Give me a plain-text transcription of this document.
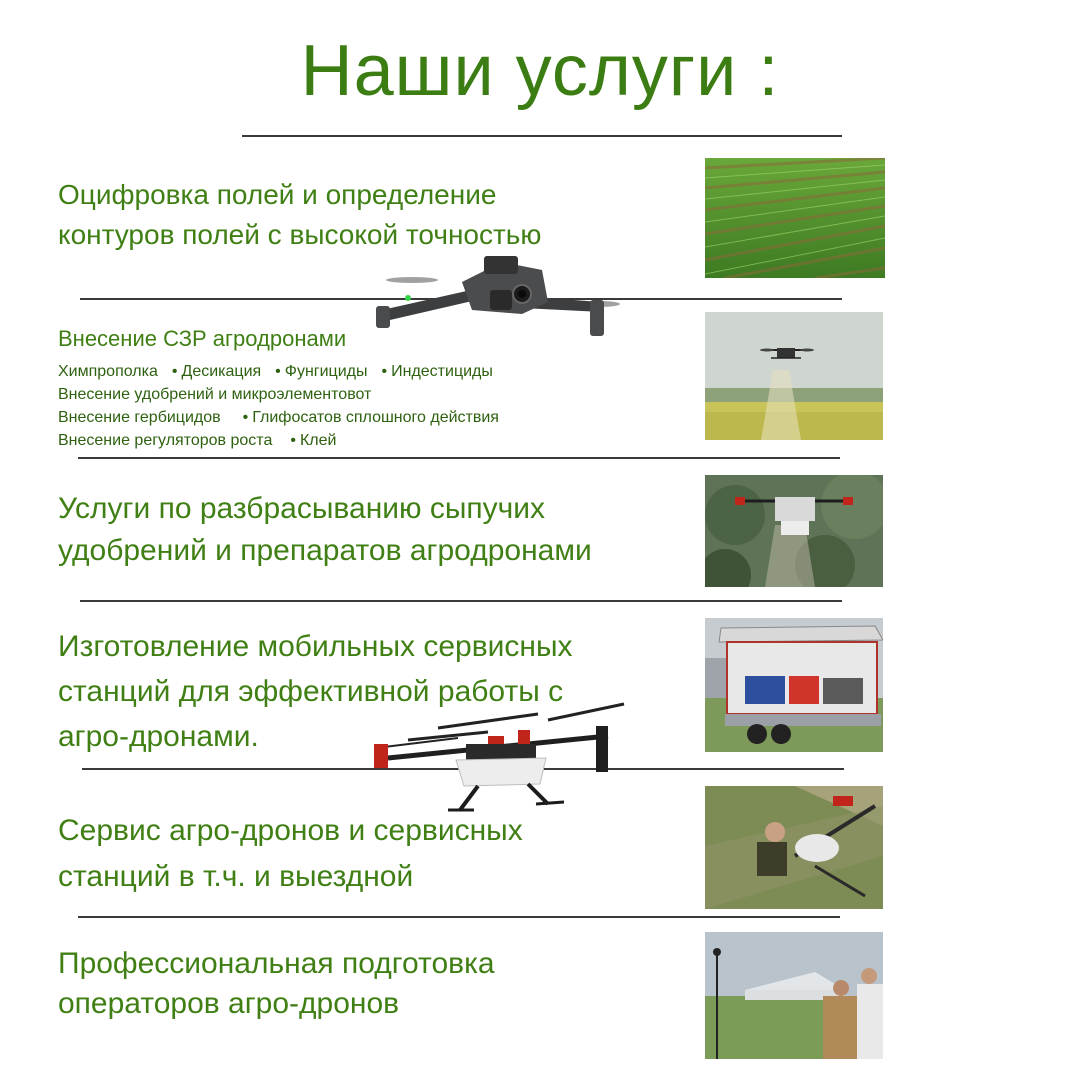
Наши услуги :
Оцифровка полей и определение
контуров полей с высокой точностью
Внесение СЗР агродронами
Химпрополка • Десикация • Фунгициды • Индестициды
Внесение удобрений и микроэлементовот
Внесение гербицидов • Глифосатов сплошного действия
Внесение регуляторов роста • Клей
Услуги по разбрасыванию сыпучих
удобрений и препаратов агродронами
Изготовление мобильных сервисных
станций для эффективной работы с
агро-дронами.
Сервис агро-дронов и сервисных
станций в т.ч. и выездной
Профессиональная подготовка
операторов агро-дронов
